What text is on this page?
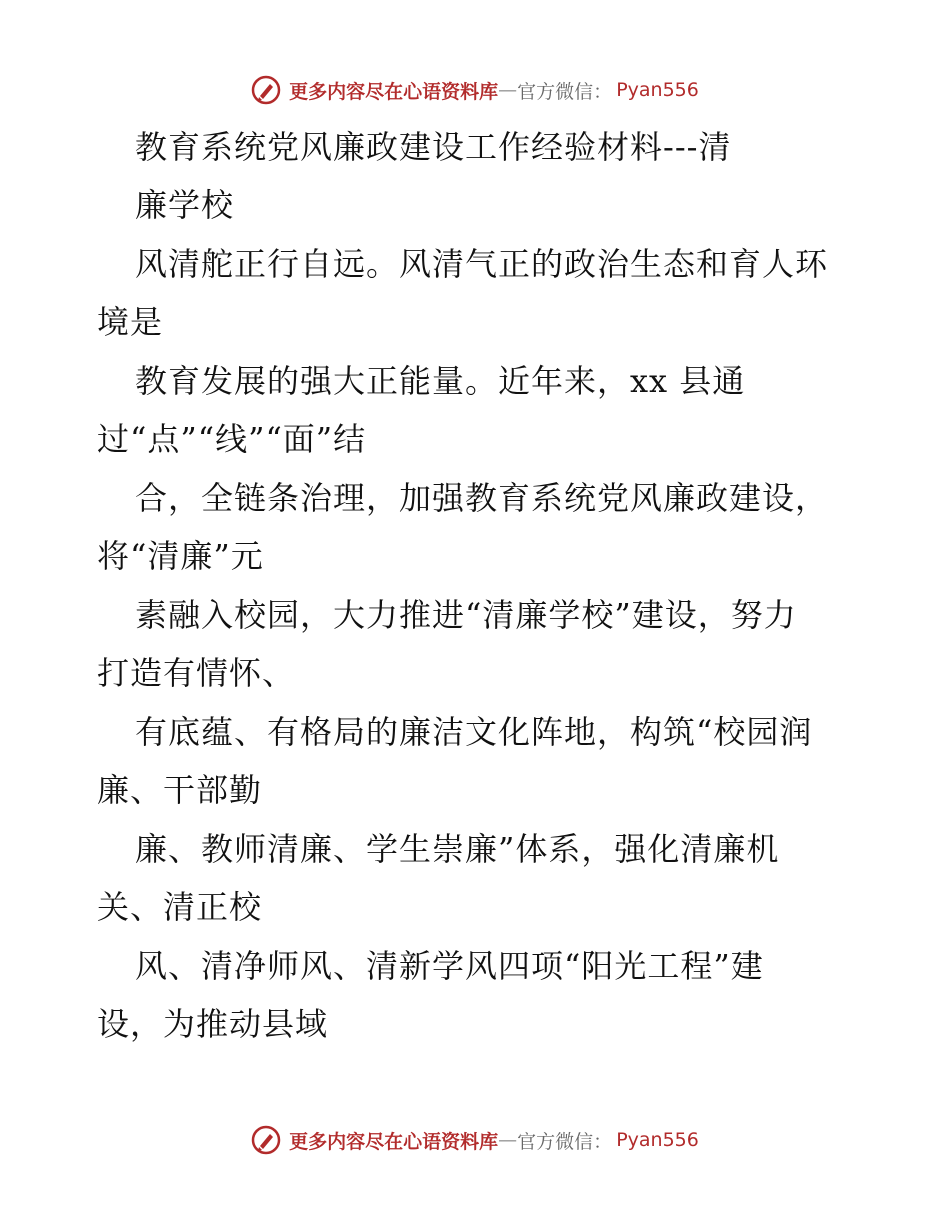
更多内容尽在心语资料库 — 官方微信： Pyan556
教育系统党风廉政建设工作经验材料---清
廉学校
风清舵正行自远。风清气正的政治生态和育人环
境是
教育发展的强大正能量。近年来，xx 县通
过“点”“线”“面”结
合，全链条治理，加强教育系统党风廉政建设，
将“清廉”元
素融入校园，大力推进“清廉学校”建设，努力
打造有情怀、
有底蕴、有格局的廉洁文化阵地，构筑“校园润
廉、干部勤
廉、教师清廉、学生崇廉”体系，强化清廉机
关、清正校
风、清净师风、清新学风四项“阳光工程”建
设，为推动县域
更多内容尽在心语资料库 — 官方微信： Pyan556
